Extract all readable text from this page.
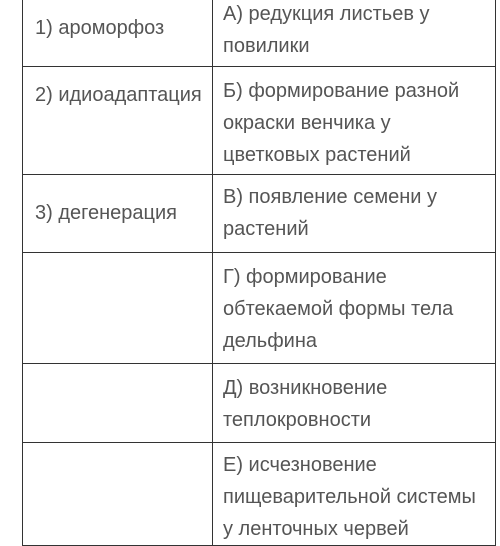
1) ароморфоз	А) редукция листьев у повилики
2) идиоадаптация	Б) формирование разной окраски венчика у цветковых растений
3) дегенерация	В) появление семени у растений
	Г) формирование обтекаемой формы тела дельфина
	Д) возникновение теплокровности
	Е) исчезновение пищеварительной системы у ленточных червей
